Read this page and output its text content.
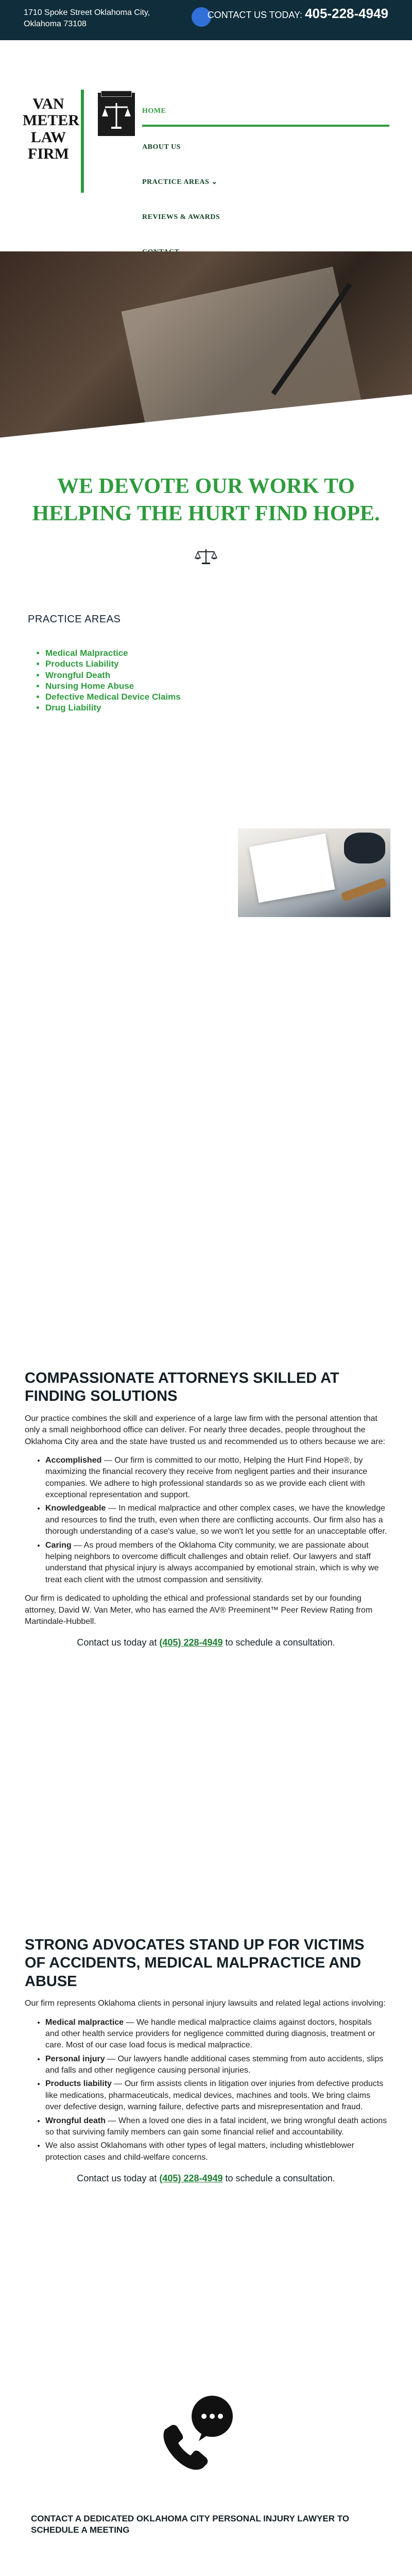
1710 Spoke Street Oklahoma City,
Oklahoma 73108
CONTACT US TODAY: 405-228-4949
VAN
METER
LAW
FIRM
HOME
ABOUT US
PRACTICE AREAS ⌄
REVIEWS & AWARDS
WE DEVOTE OUR WORK TO
HELPING THE HURT FIND HOPE.
PRACTICE AREAS
• Medical Malpractice
• Products Liability
• Wrongful Death
• Nursing Home Abuse
• Defective Medical Device Claims
• Drug Liability
COMPASSIONATE ATTORNEYS SKILLED AT FINDING SOLUTIONS

Our practice combines the skill and experience of a large law firm with the personal attention that only a small neighborhood office can deliver. For nearly three decades, people throughout the Oklahoma City area and the state have trusted us and recommended us to others because we are:

• Accomplished — Our firm is committed to our motto, Helping the Hurt Find Hope®, by maximizing the financial recovery they receive from negligent parties and their insurance companies. We adhere to high professional standards so as we provide each client with exceptional representation and support.
• Knowledgeable — In medical malpractice and other complex cases, we have the knowledge and resources to find the truth, even when there are conflicting accounts. Our firm also has a thorough understanding of a case's value, so we won't let you settle for an unacceptable offer.
• Caring — As proud members of the Oklahoma City community, we are passionate about helping neighbors to overcome difficult challenges and obtain relief. Our lawyers and staff understand that physical injury is always accompanied by emotional strain, which is why we treat each client with the utmost compassion and sensitivity.

Our firm is dedicated to upholding the ethical and professional standards set by our founding attorney, David W. Van Meter, who has earned the AV® Preeminent™ Peer Review Rating from Martindale-Hubbell.

Contact us today at (405) 228-4949 to schedule a consultation.
STRONG ADVOCATES STAND UP FOR VICTIMS OF ACCIDENTS, MEDICAL MALPRACTICE AND ABUSE

Our firm represents Oklahoma clients in personal injury lawsuits and related legal actions involving:

• Medical malpractice — We handle medical malpractice claims against doctors, hospitals and other health service providers for negligence committed during diagnosis, treatment or care. Most of our case load focus is medical malpractice.
• Personal injury — Our lawyers handle additional cases stemming from auto accidents, slips and falls and other negligence causing personal injuries.
• Products liability — Our firm assists clients in litigation over injuries from defective products like medications, pharmaceuticals, medical devices, machines and tools. We bring claims over defective design, warning failure, defective parts and misrepresentation and fraud.
• Wrongful death — When a loved one dies in a fatal incident, we bring wrongful death actions so that surviving family members can gain some financial relief and accountability.
• We also assist Oklahomans with other types of legal matters, including whistleblower protection cases and child-welfare concerns.
Contact us today at (405) 228-4949 to schedule a consultation.
CONTACT A DEDICATED OKLAHOMA CITY PERSONAL INJURY LAWYER TO SCHEDULE A MEETING
